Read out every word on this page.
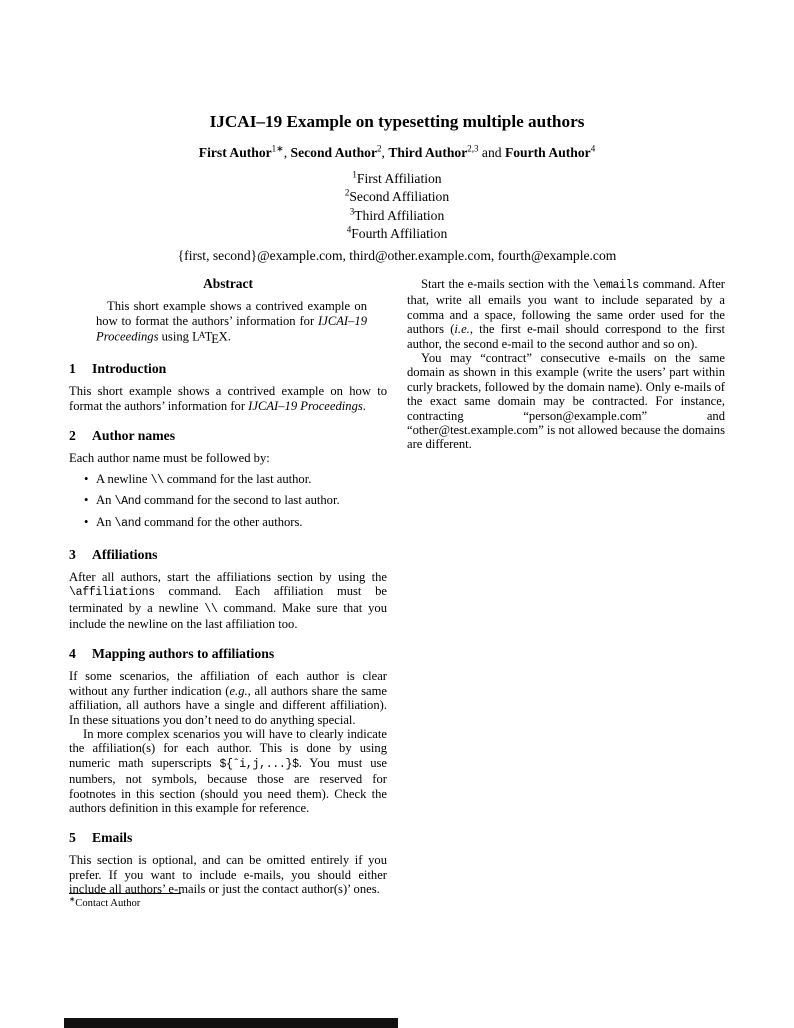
IJCAI–19 Example on typesetting multiple authors
First Author$^{1∗}$, Second Author$^2$, Third Author$^{2,3}$ and Fourth Author$^4$
$^1$First Affiliation
$^2$Second Affiliation
$^3$Third Affiliation
$^4$Fourth Affiliation
{first, second}@example.com, third@other.example.com, fourth@example.com
Abstract

This short example shows a contrived example on how to format the authors’ information for IJCAI–19 Proceedings using LATEX.

1 Introduction

This short example shows a contrived example on how to format the authors’ information for IJCAI–19 Proceedings.

2 Author names

Each author name must be followed by:

• A newline \\ command for the last author.
• An \And command for the second to last author.
• An \and command for the other authors.
3 Affiliations

After all authors, start the affiliations section by using the \affiliations command. Each affiliation must be terminated by a newline \\ command. Make sure that you include the newline on the last affiliation too.

4 Mapping authors to affiliations

If some scenarios, the affiliation of each author is clear without any further indication (e.g., all authors share the same affiliation, all authors have a single and different affiliation). In these situations you don’t need to do anything special.

In more complex scenarios you will have to clearly indicate the affiliation(s) for each author. This is done by using numeric math superscripts ${ˆi,j,...}$. You must use numbers, not symbols, because those are reserved for footnotes in this section (should you need them). Check the authors definition in this example for reference.

5 Emails

This section is optional, and can be omitted entirely if you prefer. If you want to include e-mails, you should either include all authors’ e-mails or just the contact author(s)’ ones.

Start the e-mails section with the \emails command. After that, write all emails you want to include separated by a comma and a space, following the same order used for the authors (i.e., the first e-mail should correspond to the first author, the second e-mail to the second author and so on).

You may “contract” consecutive e-mails on the same domain as shown in this example (write the users’ part within curly brackets, followed by the domain name). Only e-mails of the exact same domain may be contracted. For instance, contracting “person@example.com” and “other@test.example.com” is not allowed because the domains are different.

∗Contact Author
